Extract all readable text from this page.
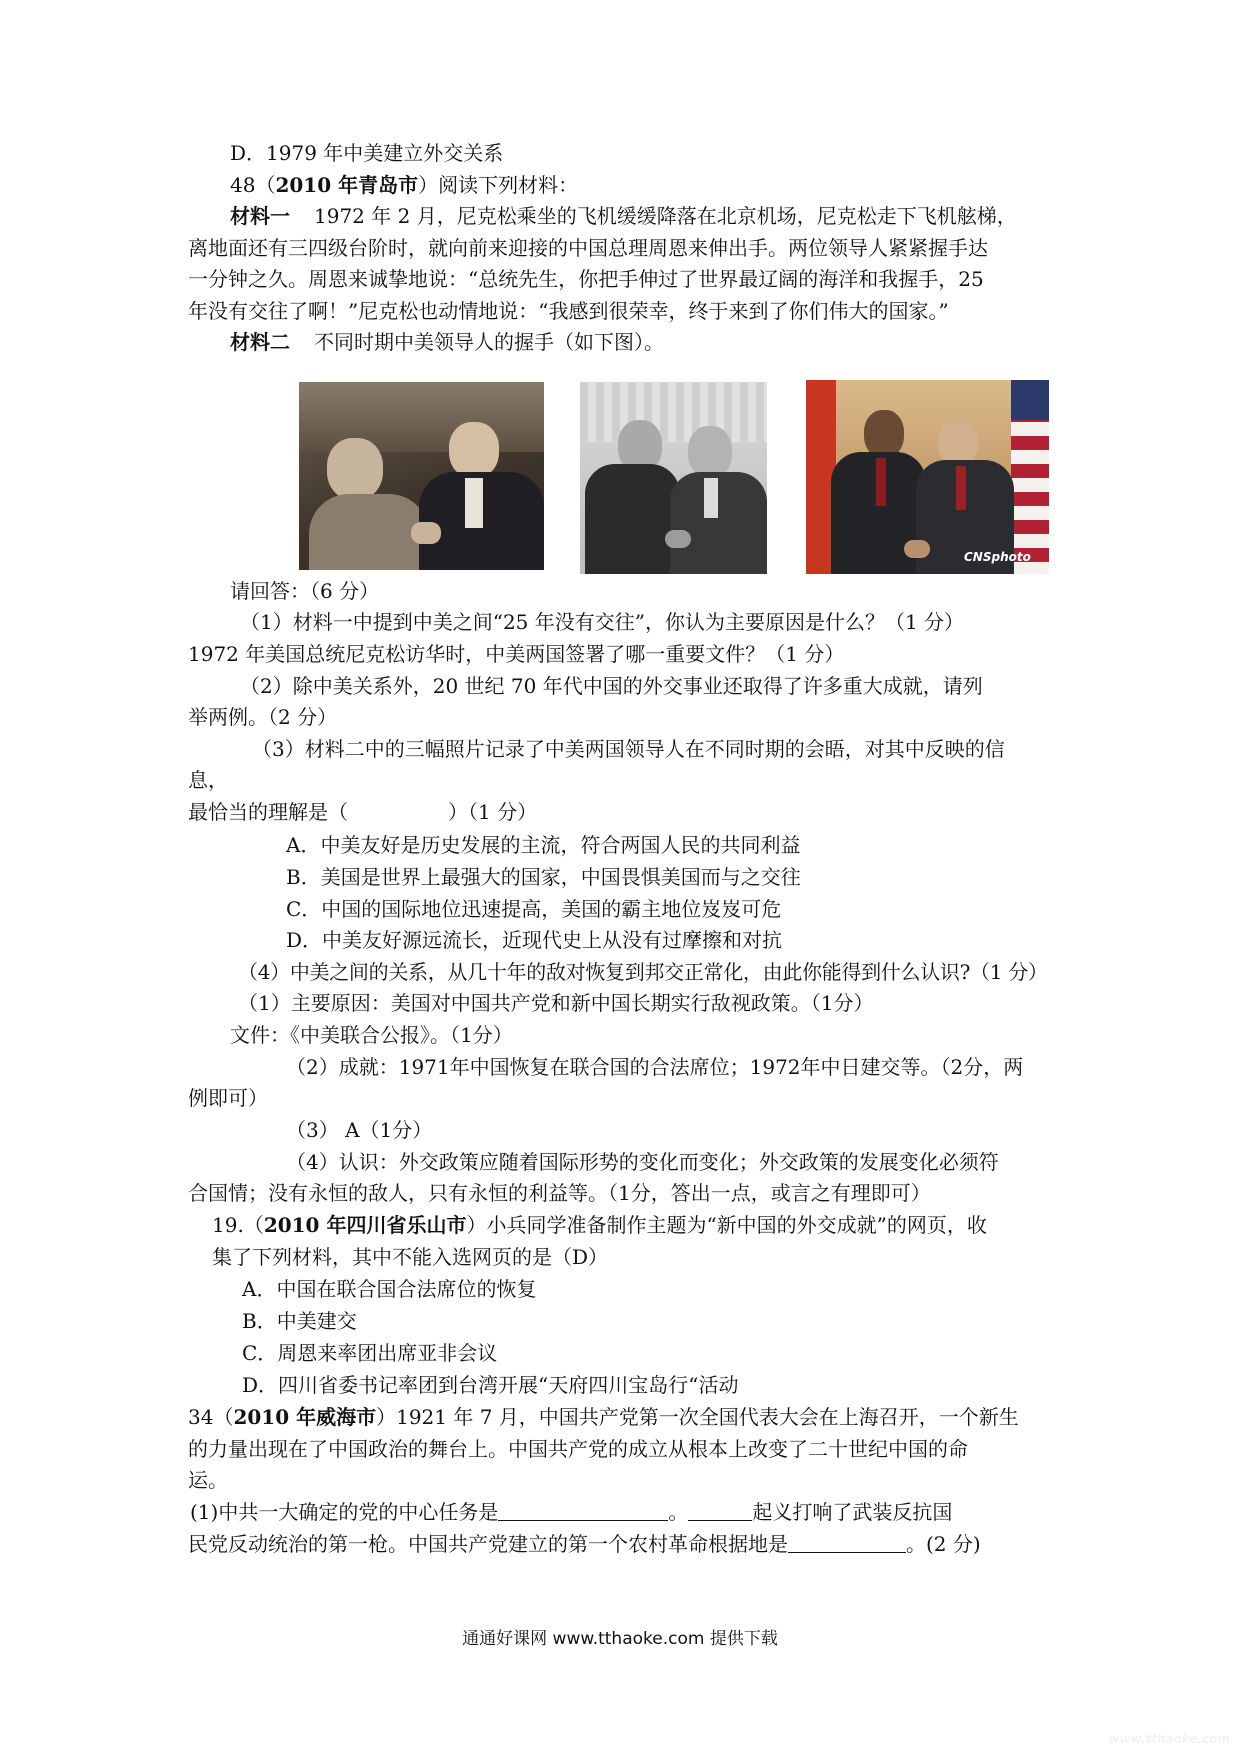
D．1979 年中美建立外交关系
48（2010 年青岛市）阅读下列材料：
材料一 1972 年 2 月，尼克松乘坐的飞机缓缓降落在北京机场，尼克松走下飞机舷梯，
离地面还有三四级台阶时，就向前来迎接的中国总理周恩来伸出手。两位领导人紧紧握手达
一分钟之久。周恩来诚挚地说：“总统先生，你把手伸过了世界最辽阔的海洋和我握手，25
年没有交往了啊！”尼克松也动情地说：“我感到很荣幸，终于来到了你们伟大的国家。”
材料二 不同时期中美领导人的握手（如下图）。
CNSphoto
请回答：（6 分）
（1）材料一中提到中美之间“25 年没有交往”，你认为主要原因是什么？（1 分）
1972 年美国总统尼克松访华时，中美两国签署了哪一重要文件？（1 分）
（2）除中美关系外，20 世纪 70 年代中国的外交事业还取得了许多重大成就，请列
举两例。（2 分）
（3）材料二中的三幅照片记录了中美两国领导人在不同时期的会晤，对其中反映的信
息，
最恰当的理解是（　　　　　）（1 分）
A．中美友好是历史发展的主流，符合两国人民的共同利益
B．美国是世界上最强大的国家，中国畏惧美国而与之交往
C．中国的国际地位迅速提高，美国的霸主地位岌岌可危
D．中美友好源远流长，近现代史上从没有过摩擦和对抗
（4）中美之间的关系，从几十年的敌对恢复到邦交正常化，由此你能得到什么认识?（1 分）
（1）主要原因：美国对中国共产党和新中国长期实行敌视政策。（1分）
文件：《中美联合公报》。（1分）
（2）成就：1971年中国恢复在联合国的合法席位；1972年中日建交等。（2分，两
例即可）
（3） A（1分）
（4）认识：外交政策应随着国际形势的变化而变化；外交政策的发展变化必须符
合国情；没有永恒的敌人，只有永恒的利益等。（1分，答出一点，或言之有理即可）
19.（2010 年四川省乐山市）小兵同学准备制作主题为“新中国的外交成就”的网页，收
集了下列材料，其中不能入选网页的是（D）
A．中国在联合国合法席位的恢复
B．中美建交
C．周恩来率团出席亚非会议
D．四川省委书记率团到台湾开展“天府四川宝岛行“活动
34（2010 年威海市）1921 年 7 月，中国共产党第一次全国代表大会在上海召开，一个新生
的力量出现在了中国政治的舞台上。中国共产党的成立从根本上改变了二十世纪中国的命
运。
(1)中共一大确定的党的中心任务是	。	起义打响了武装反抗国
民党反动统治的第一枪。中国共产党建立的第一个农村革命根据地是	。(2 分)
通通好课网 www.tthaoke.com 提供下载
www.tthaoke.com
